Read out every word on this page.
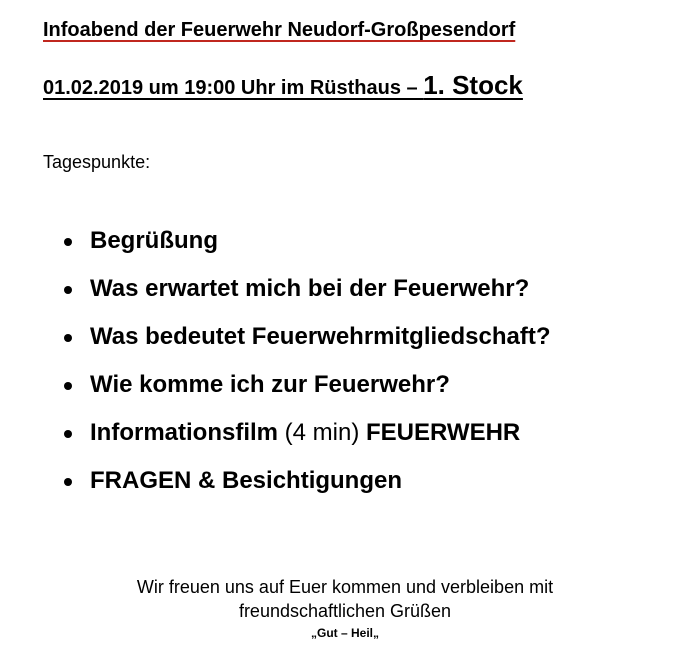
Infoabend der Feuerwehr Neudorf-Großpesendorf
01.02.2019 um 19:00 Uhr im Rüsthaus – 1. Stock
Tagespunkte:
Begrüßung
Was erwartet mich bei der Feuerwehr?
Was bedeutet Feuerwehrmitgliedschaft?
Wie komme ich zur Feuerwehr?
Informationsfilm (4 min) FEUERWEHR
FRAGEN & Besichtigungen
Wir freuen uns auf Euer kommen und verbleiben mit
freundschaftlichen Grüßen
„Gut – Heil„
